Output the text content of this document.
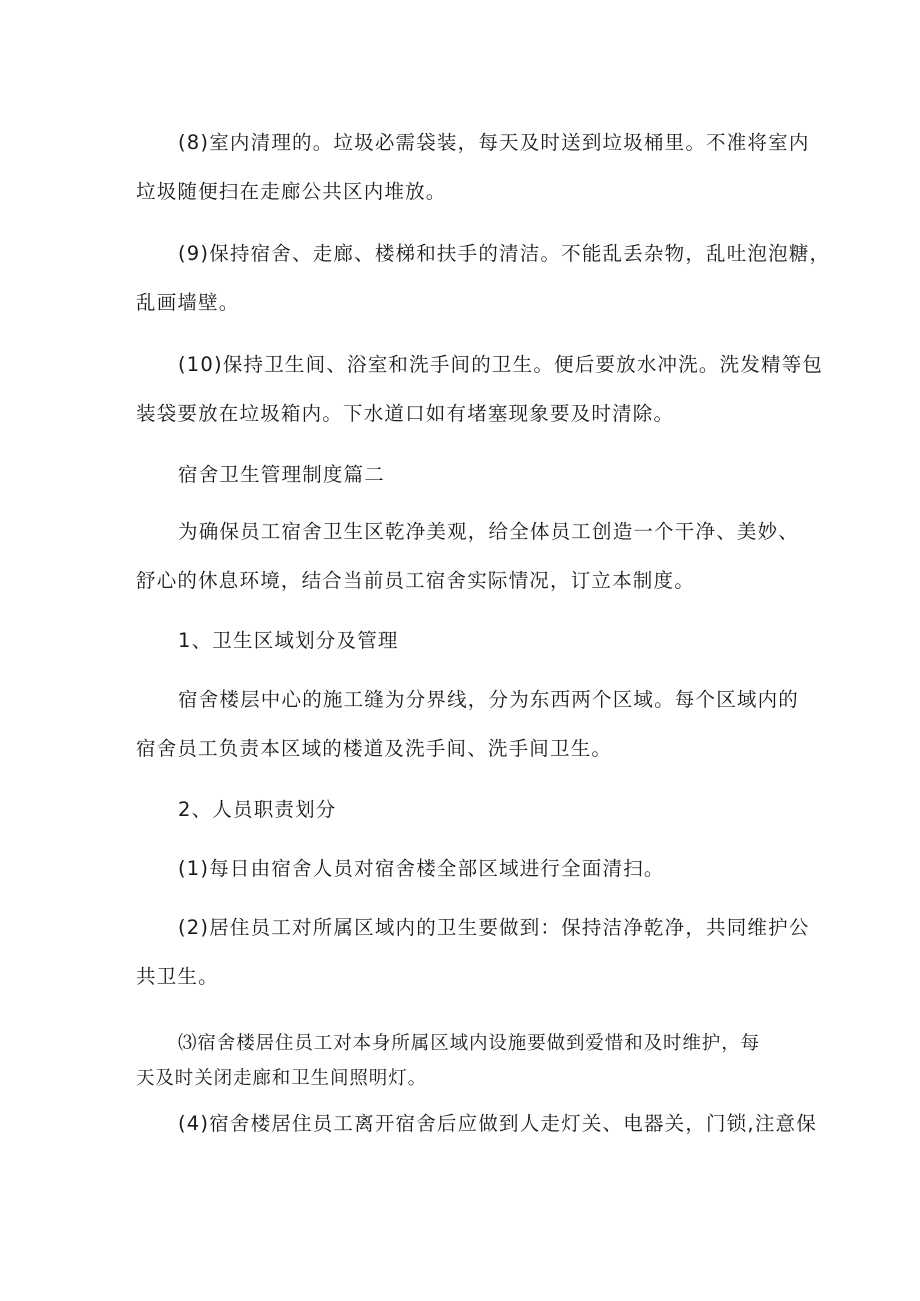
(8)室内清理的。垃圾必需袋装，每天及时送到垃圾桶里。不准将室内
垃圾随便扫在走廊公共区内堆放。
(9)保持宿舍、走廊、楼梯和扶手的清洁。不能乱丢杂物，乱吐泡泡糖，
乱画墙壁。
(10)保持卫生间、浴室和洗手间的卫生。便后要放水冲洗。洗发精等包
装袋要放在垃圾箱内。下水道口如有堵塞现象要及时清除。
宿舍卫生管理制度篇二
为确保员工宿舍卫生区乾净美观，给全体员工创造一个干净、美妙、
舒心的休息环境，结合当前员工宿舍实际情况，订立本制度。
1、卫生区域划分及管理
宿舍楼层中心的施工缝为分界线，分为东西两个区域。每个区域内的
宿舍员工负责本区域的楼道及洗手间、洗手间卫生。
2、人员职责划分
(1)每日由宿舍人员对宿舍楼全部区域进行全面清扫。
(2)居住员工对所属区域内的卫生要做到：保持洁净乾净，共同维护公
共卫生。
⑶宿舍楼居住员工对本身所属区域内设施要做到爱惜和及时维护，每
天及时关闭走廊和卫生间照明灯。
(4)宿舍楼居住员工离开宿舍后应做到人走灯关、电器关，门锁,注意保
